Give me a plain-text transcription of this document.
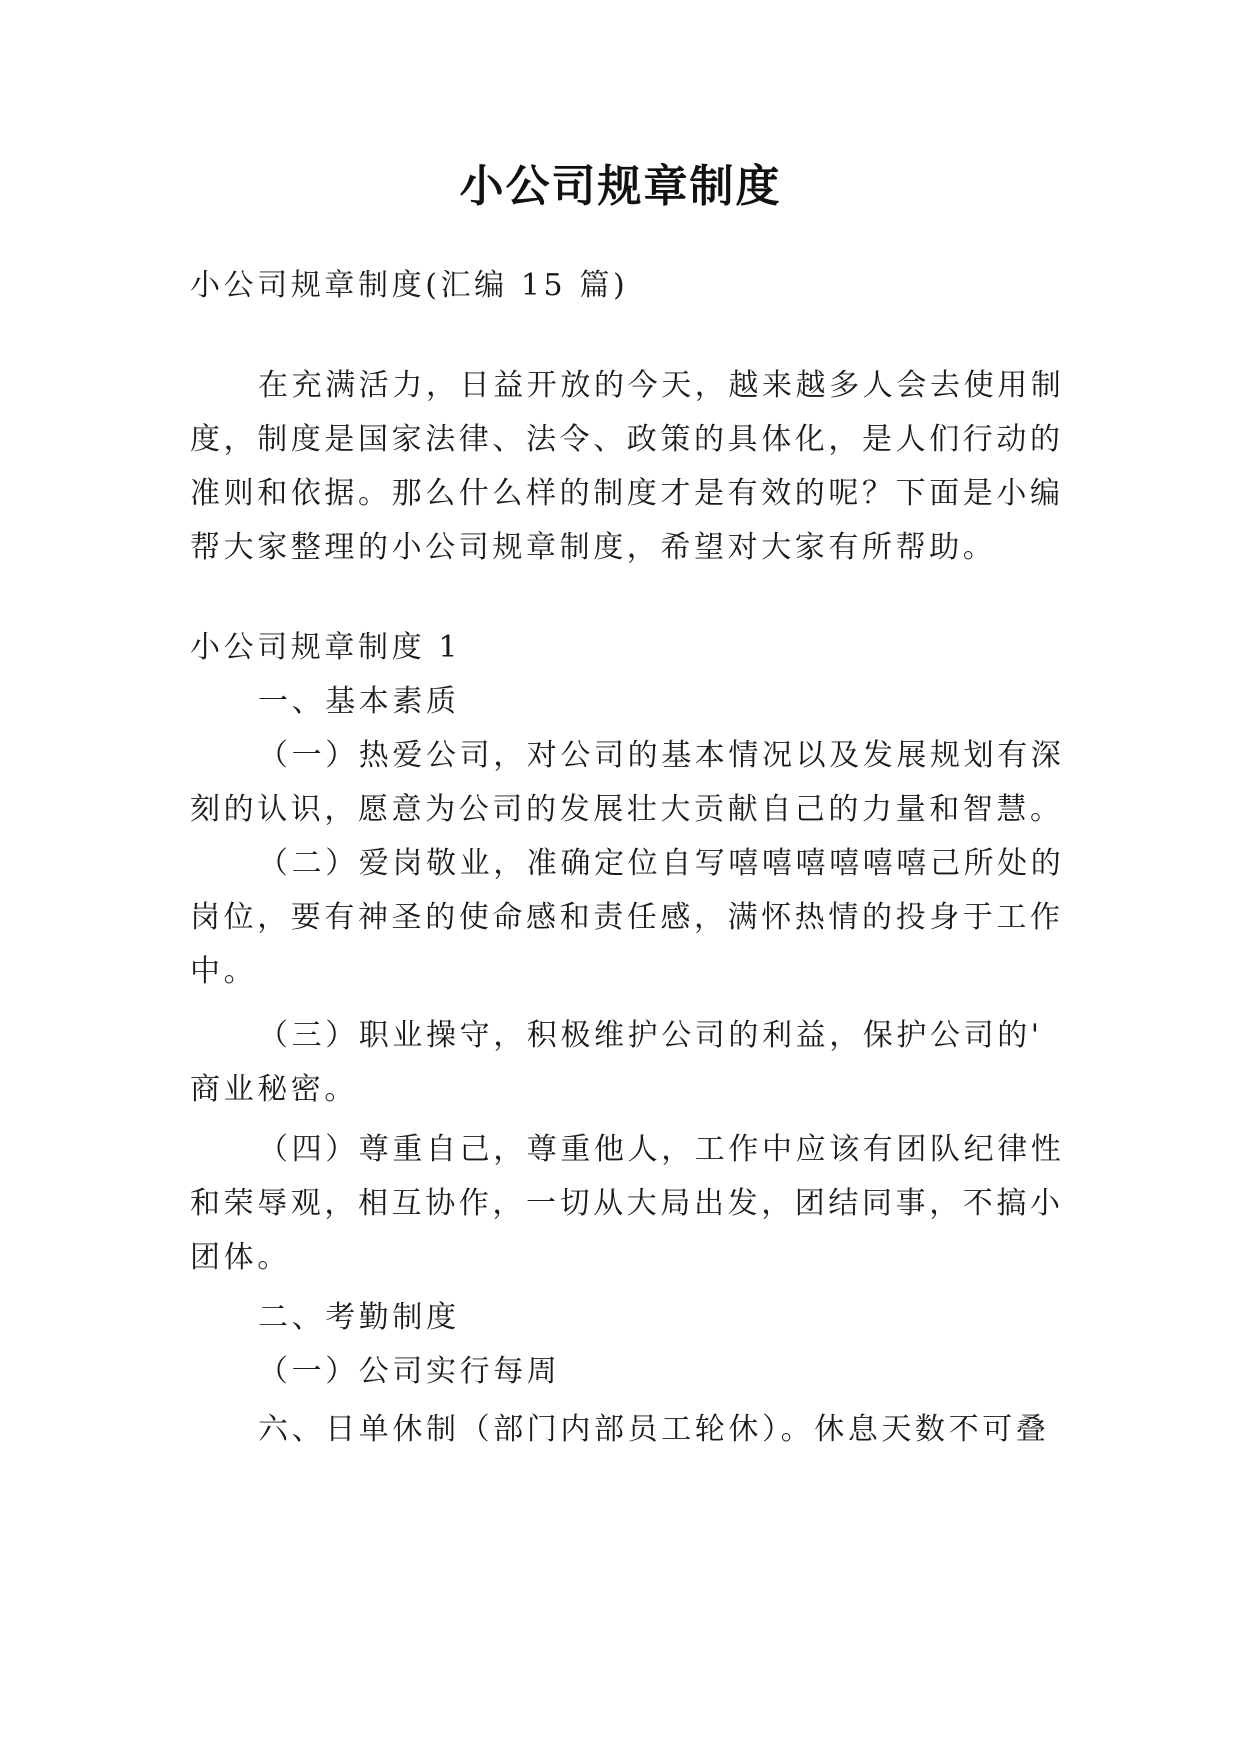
小公司规章制度
小公司规章制度(汇编 15 篇)
在充满活力，日益开放的今天，越来越多人会去使用制
度，制度是国家法律、法令、政策的具体化，是人们行动的
准则和依据。那么什么样的制度才是有效的呢？下面是小编
帮大家整理的小公司规章制度，希望对大家有所帮助。
小公司规章制度 1
一、基本素质
（一）热爱公司，对公司的基本情况以及发展规划有深
刻的认识，愿意为公司的发展壮大贡献自己的力量和智慧。
（二）爱岗敬业，准确定位自写嘻嘻嘻嘻嘻嘻己所处的
岗位，要有神圣的使命感和责任感，满怀热情的投身于工作
中。
（三）职业操守，积极维护公司的利益，保护公司的'
商业秘密。
（四）尊重自己，尊重他人，工作中应该有团队纪律性
和荣辱观，相互协作，一切从大局出发，团结同事，不搞小
团体。
二、考勤制度
（一）公司实行每周
六、日单休制（部门内部员工轮休）。休息天数不可叠
